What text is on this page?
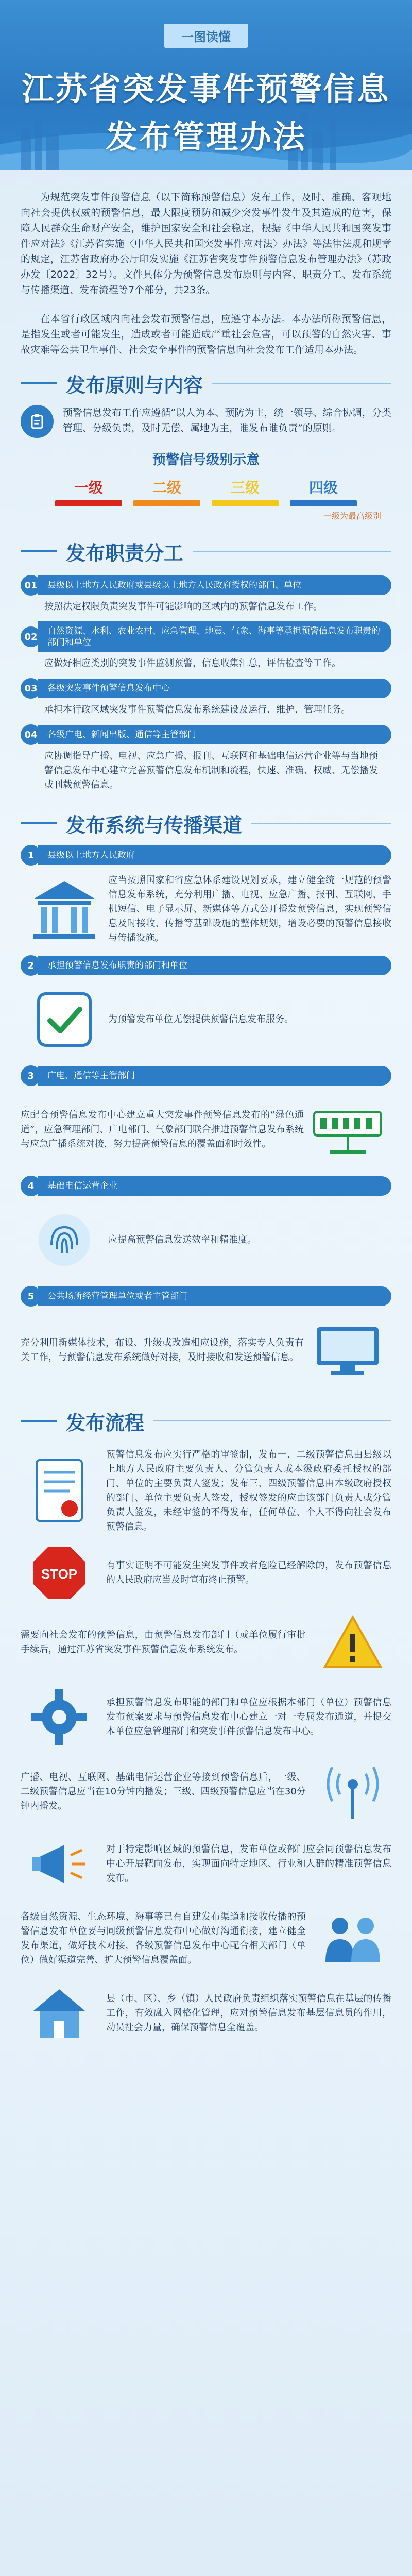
一图读懂
江苏省突发事件预警信息
发布管理办法

为规范突发事件预警信息（以下简称预警信息）发布工作，及时、准确、客观地向社会提供权威的预警信息，最大限度预防和减少突发事件发生及其造成的危害，保障人民群众生命财产安全，维护国家安全和社会稳定，根据《中华人民共和国突发事件应对法》《江苏省实施〈中华人民共和国突发事件应对法〉办法》等法律法规和规章的规定，江苏省政府办公厅印发实施《江苏省突发事件预警信息发布管理办法》（苏政办发〔2022〕32号）。文件具体分为预警信息发布原则与内容、职责分工、发布系统与传播渠道、发布流程等7个部分，共23条。

在本省行政区域内向社会发布预警信息，应遵守本办法。本办法所称预警信息，是指发生或者可能发生，造成或者可能造成严重社会危害，可以预警的自然灾害、事故灾难等公共卫生事件、社会安全事件的预警信息向社会发布工作适用本办法。

发布原则与内容

预警信息发布工作应遵循“以人为本、预防为主，统一领导、综合协调，分类管理、分级负责，及时无偿、属地为主，谁发布谁负责”的原则。

预警信号级别示意
一级	二级	三级	四级
一级为最高级别
发布职责分工
01	县级以上地方人民政府或县级以上地方人民政府授权的部门、单位
按照法定权限负责突发事件可能影响的区域内的预警信息发布工作。
02
自然资源、水利、农业农村、应急管理、地震、气象、海事等承担预警信息发布职责的部门和单位
应做好相应类别的突发事件监测预警，信息收集汇总，评估检查等工作。
03	各级突发事件预警信息发布中心
承担本行政区域突发事件预警信息发布系统建设及运行、维护、管理任务。
04	各级广电、新闻出版、通信等主管部门
应协调指导广播、电视、应急广播、报刊、互联网和基础电信运营企业等与当地预警信息发布中心建立完善预警信息发布机制和流程，快速、准确、权威、无偿播发或刊载预警信息。
发布系统与传播渠道
1	县级以上地方人民政府
应当按照国家和省应急体系建设规划要求，建立健全统一规范的预警信息发布系统，充分利用广播、电视、应急广播、报刊、互联网、手机短信、电子显示屏、新媒体等方式公开播发预警信息，实现预警信息及时接收、传播等基础设施的整体规划，增设必要的预警信息接收与传播设施。
2	承担预警信息发布职责的部门和单位
为预警发布单位无偿提供预警信息发布服务。
3	广电、通信等主管部门
应配合预警信息发布中心建立重大突发事件预警信息发布的“绿色通道”，应急管理部门、广电部门、气象部门联合推进预警信息发布系统与应急广播系统对接，努力提高预警信息的覆盖面和时效性。
4	基础电信运营企业
应提高预警信息发送效率和精准度。
5	公共场所经营管理单位或者主管部门
充分利用新媒体技术，布设、升级或改造相应设施，落实专人负责有关工作，与预警信息发布系统做好对接，及时接收和发送预警信息。
发布流程
预警信息发布应实行严格的审签制，发布一、二级预警信息由县级以上地方人民政府主要负责人、分管负责人或本级政府委托授权的部门、单位的主要负责人签发；发布三、四级预警信息由本级政府授权的部门、单位主要负责人签发，授权签发的应由该部门负责人或分管负责人签发，未经审签的不得发布，任何单位、个人不得向社会发布预警信息。
STOP
有事实证明不可能发生突发事件或者危险已经解除的，发布预警信息的人民政府应当及时宣布终止预警。
需要向社会发布的预警信息，由预警信息发布部门（或单位履行审批手续后，通过江苏省突发事件预警信息发布系统发布。
承担预警信息发布职能的部门和单位应根据本部门（单位）预警信息发布预案要求与预警信息发布中心建立一对一专属发布通道，并提交本单位应急管理部门和突发事件预警信息发布中心。
广播、电视、互联网、基础电信运营企业等接到预警信息后，一级、二级预警信息应当在10分钟内播发；三级、四级预警信息应当在30分钟内播发。
对于特定影响区域的预警信息，发布单位或部门应会同预警信息发布中心开展靶向发布，实现面向特定地区、行业和人群的精准预警信息发布。
各级自然资源、生态环境、海事等已有自建发布渠道和接收传播的预警信息发布单位要与同级预警信息发布中心做好沟通衔接，建立健全发布渠道，做好技术对接，各级预警信息发布中心配合相关部门（单位）做好渠道完善、扩大预警信息覆盖面。
县（市、区）、乡（镇）人民政府负责组织落实预警信息在基层的传播工作，有效融入网格化管理，应对预警信息发布基层信息员的作用，动员社会力量，确保预警信息全覆盖。
